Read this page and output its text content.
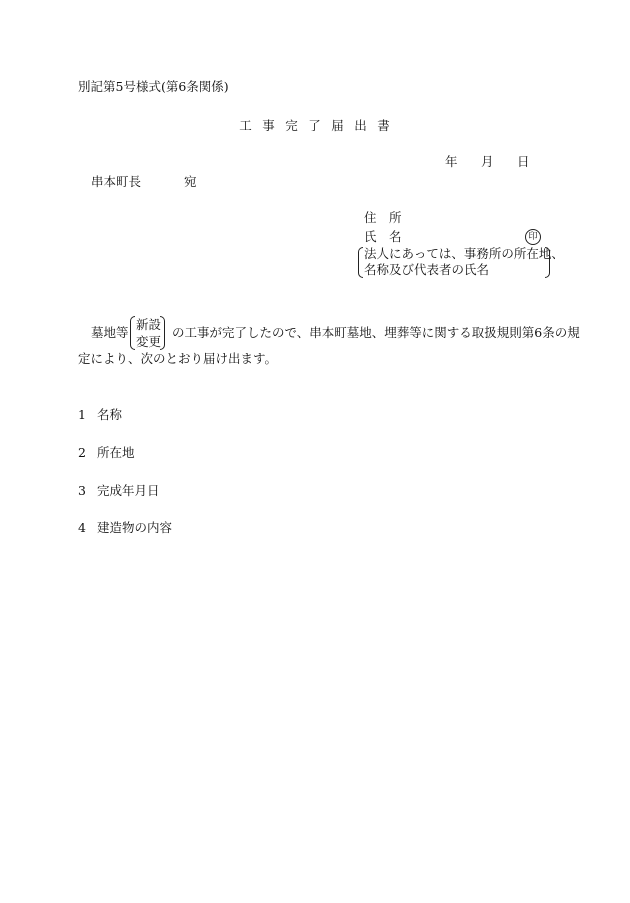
別記第5号様式(第6条関係)
工 事 完 了 届 出 書
年 月 日
串本町長	宛
住　所
氏　名	印
法人にあっては、事務所の所在地、
名称及び代表者の氏名
墓地等
新設
変更
の工事が完了したので、串本町墓地、埋葬等に関する取扱規則第6条の規
定により、次のとおり届け出ます。
1 名称
2 所在地
3 完成年月日
4 建造物の内容
